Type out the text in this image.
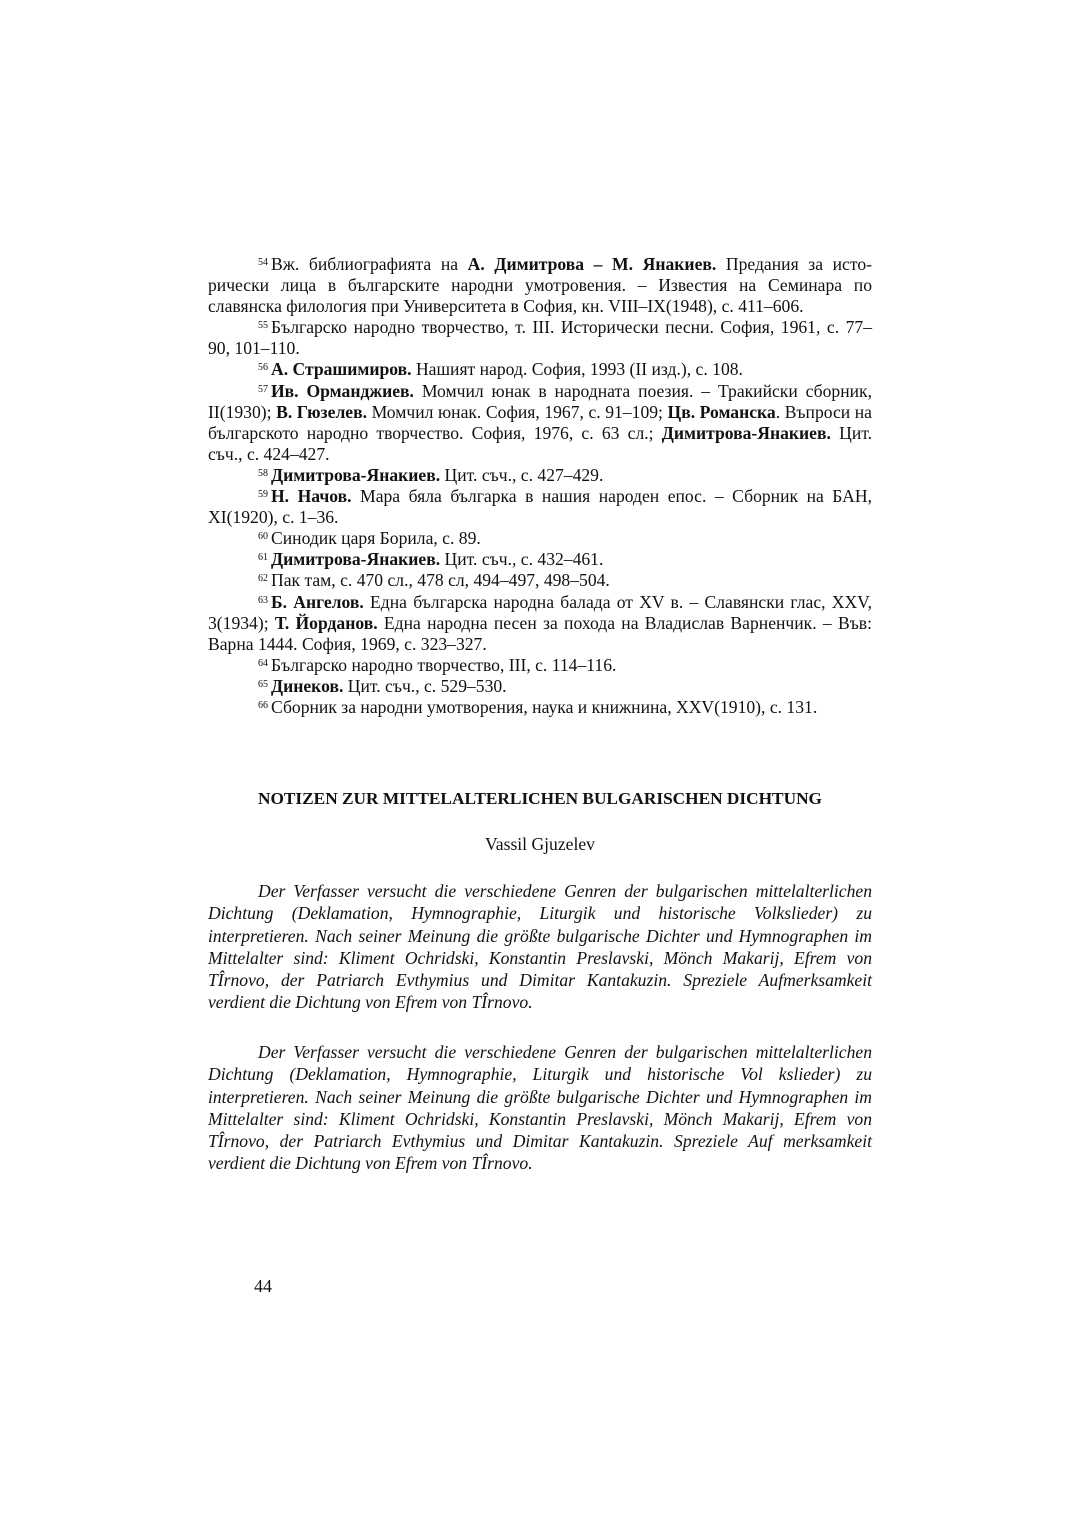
$^{54}$ Вж. библиографията на А. Димитрова – М. Янакиев. Предания за исторически лица в българските народни умотровения. – Известия на Семинара по славянска филология при Университета в София, кн. VIII–IX(1948), с. 411–606.

$^{55}$ Българско народно творчество, т. III. Исторически песни. София, 1961, с. 77–90, 101–110.

$^{56}$ А. Страшимиров. Нашият народ. София, 1993 (II изд.), с. 108.

$^{57}$ Ив. Орманджиев. Момчил юнак в народната поезия. – Тракийски сборник, II(1930); В. Гюзелев. Момчил юнак. София, 1967, с. 91–109; Цв. Романска. Въпроси на българското народно творчество. София, 1976, с. 63 сл.; Димитрова-Янакиев. Цит. съч., с. 424–427.

$^{58}$ Димитрова-Янакиев. Цит. съч., с. 427–429.

$^{59}$ Н. Начов. Мара бяла българка в нашия народен епос. – Сборник на БАН, XI(1920), с. 1–36.

$^{60}$ Синодик царя Борила, с. 89.

$^{61}$ Димитрова-Янакиев. Цит. съч., с. 432–461.

$^{62}$ Пак там, с. 470 сл., 478 сл, 494–497, 498–504.

$^{63}$ Б. Ангелов. Една българска народна балада от XV в. – Славянски глас, XXV, 3(1934); Т. Йорданов. Една народна песен за похода на Владислав Варненчик. – Във: Варна 1444. София, 1969, с. 323–327.

$^{64}$ Българско народно творчество, III, с. 114–116.

$^{65}$ Динеков. Цит. съч., с. 529–530.

$^{66}$ Сборник за народни умотворения, наука и книжнина, XXV(1910), с. 131.

NOTIZEN ZUR MITTELALTERLICHEN BULGARISCHEN DICHTUNG

Vassil Gjuzelev

Der Verfasser versucht die verschiedene Genren der bulgarischen mittelalterlichen Dichtung (Deklamation, Hymnographie, Liturgik und historische Volkslieder) zu interpretieren. Nach seiner Meinung die größte bulgarische Dichter und Hymnographen im Mittelalter sind: Kliment Ochridski, Konstantin Preslavski, Mönch Makarij, Efrem von TÎrnovo, der Patriarch Evthymius und Dimitar Kantakuzin. Spreziele Aufmerksamkeit verdient die Dichtung von Efrem von TÎrnovo.

Der Verfasser versucht die verschiedene Genren der bulgarischen mittelalterlichen Dichtung (Deklamation, Hymnographie, Liturgik und historische Vol kslieder) zu interpretieren. Nach seiner Meinung die größte bulgarische Dichter und Hymnographen im Mittelalter sind: Kliment Ochridski, Konstantin Preslavski, Mönch Makarij, Efrem von TÎrnovo, der Patriarch Evthymius und Dimitar Kantakuzin. Spreziele Auf merksamkeit verdient die Dichtung von Efrem von TÎrnovo.

44
